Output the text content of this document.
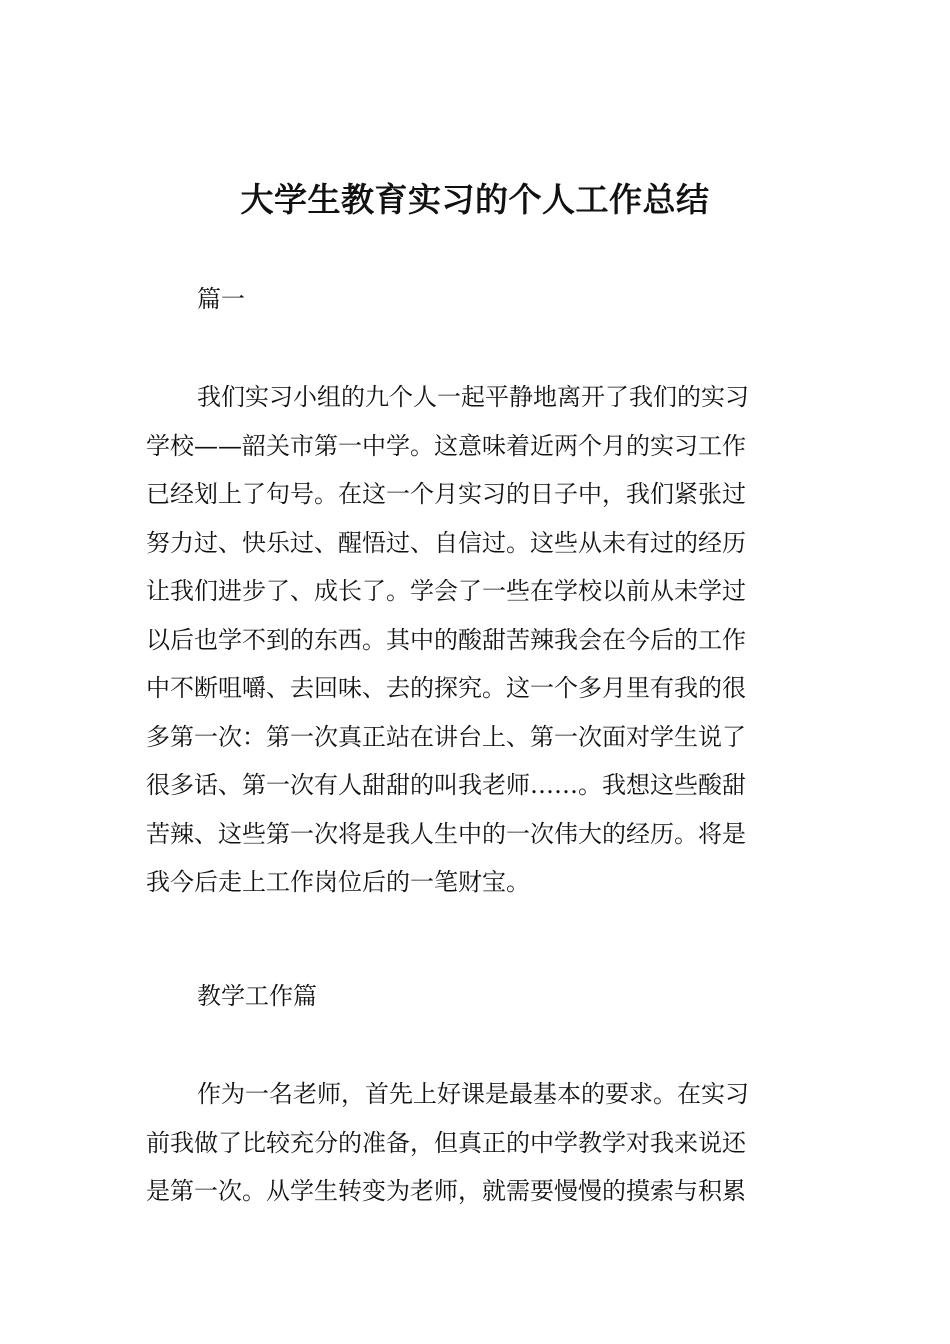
大学生教育实习的个人工作总结

篇一

我们实习小组的九个人一起平静地离开了我们的实习
学校——韶关市第一中学。这意味着近两个月的实习工作
已经划上了句号。在这一个月实习的日子中，我们紧张过
努力过、快乐过、醒悟过、自信过。这些从未有过的经历
让我们进步了、成长了。学会了一些在学校以前从未学过
以后也学不到的东西。其中的酸甜苦辣我会在今后的工作
中不断咀嚼、去回味、去的探究。这一个多月里有我的很
多第一次：第一次真正站在讲台上、第一次面对学生说了
很多话、第一次有人甜甜的叫我老师……。我想这些酸甜
苦辣、这些第一次将是我人生中的一次伟大的经历。将是
我今后走上工作岗位后的一笔财宝。

教学工作篇

作为一名老师，首先上好课是最基本的要求。在实习
前我做了比较充分的准备，但真正的中学教学对我来说还
是第一次。从学生转变为老师，就需要慢慢的摸索与积累
